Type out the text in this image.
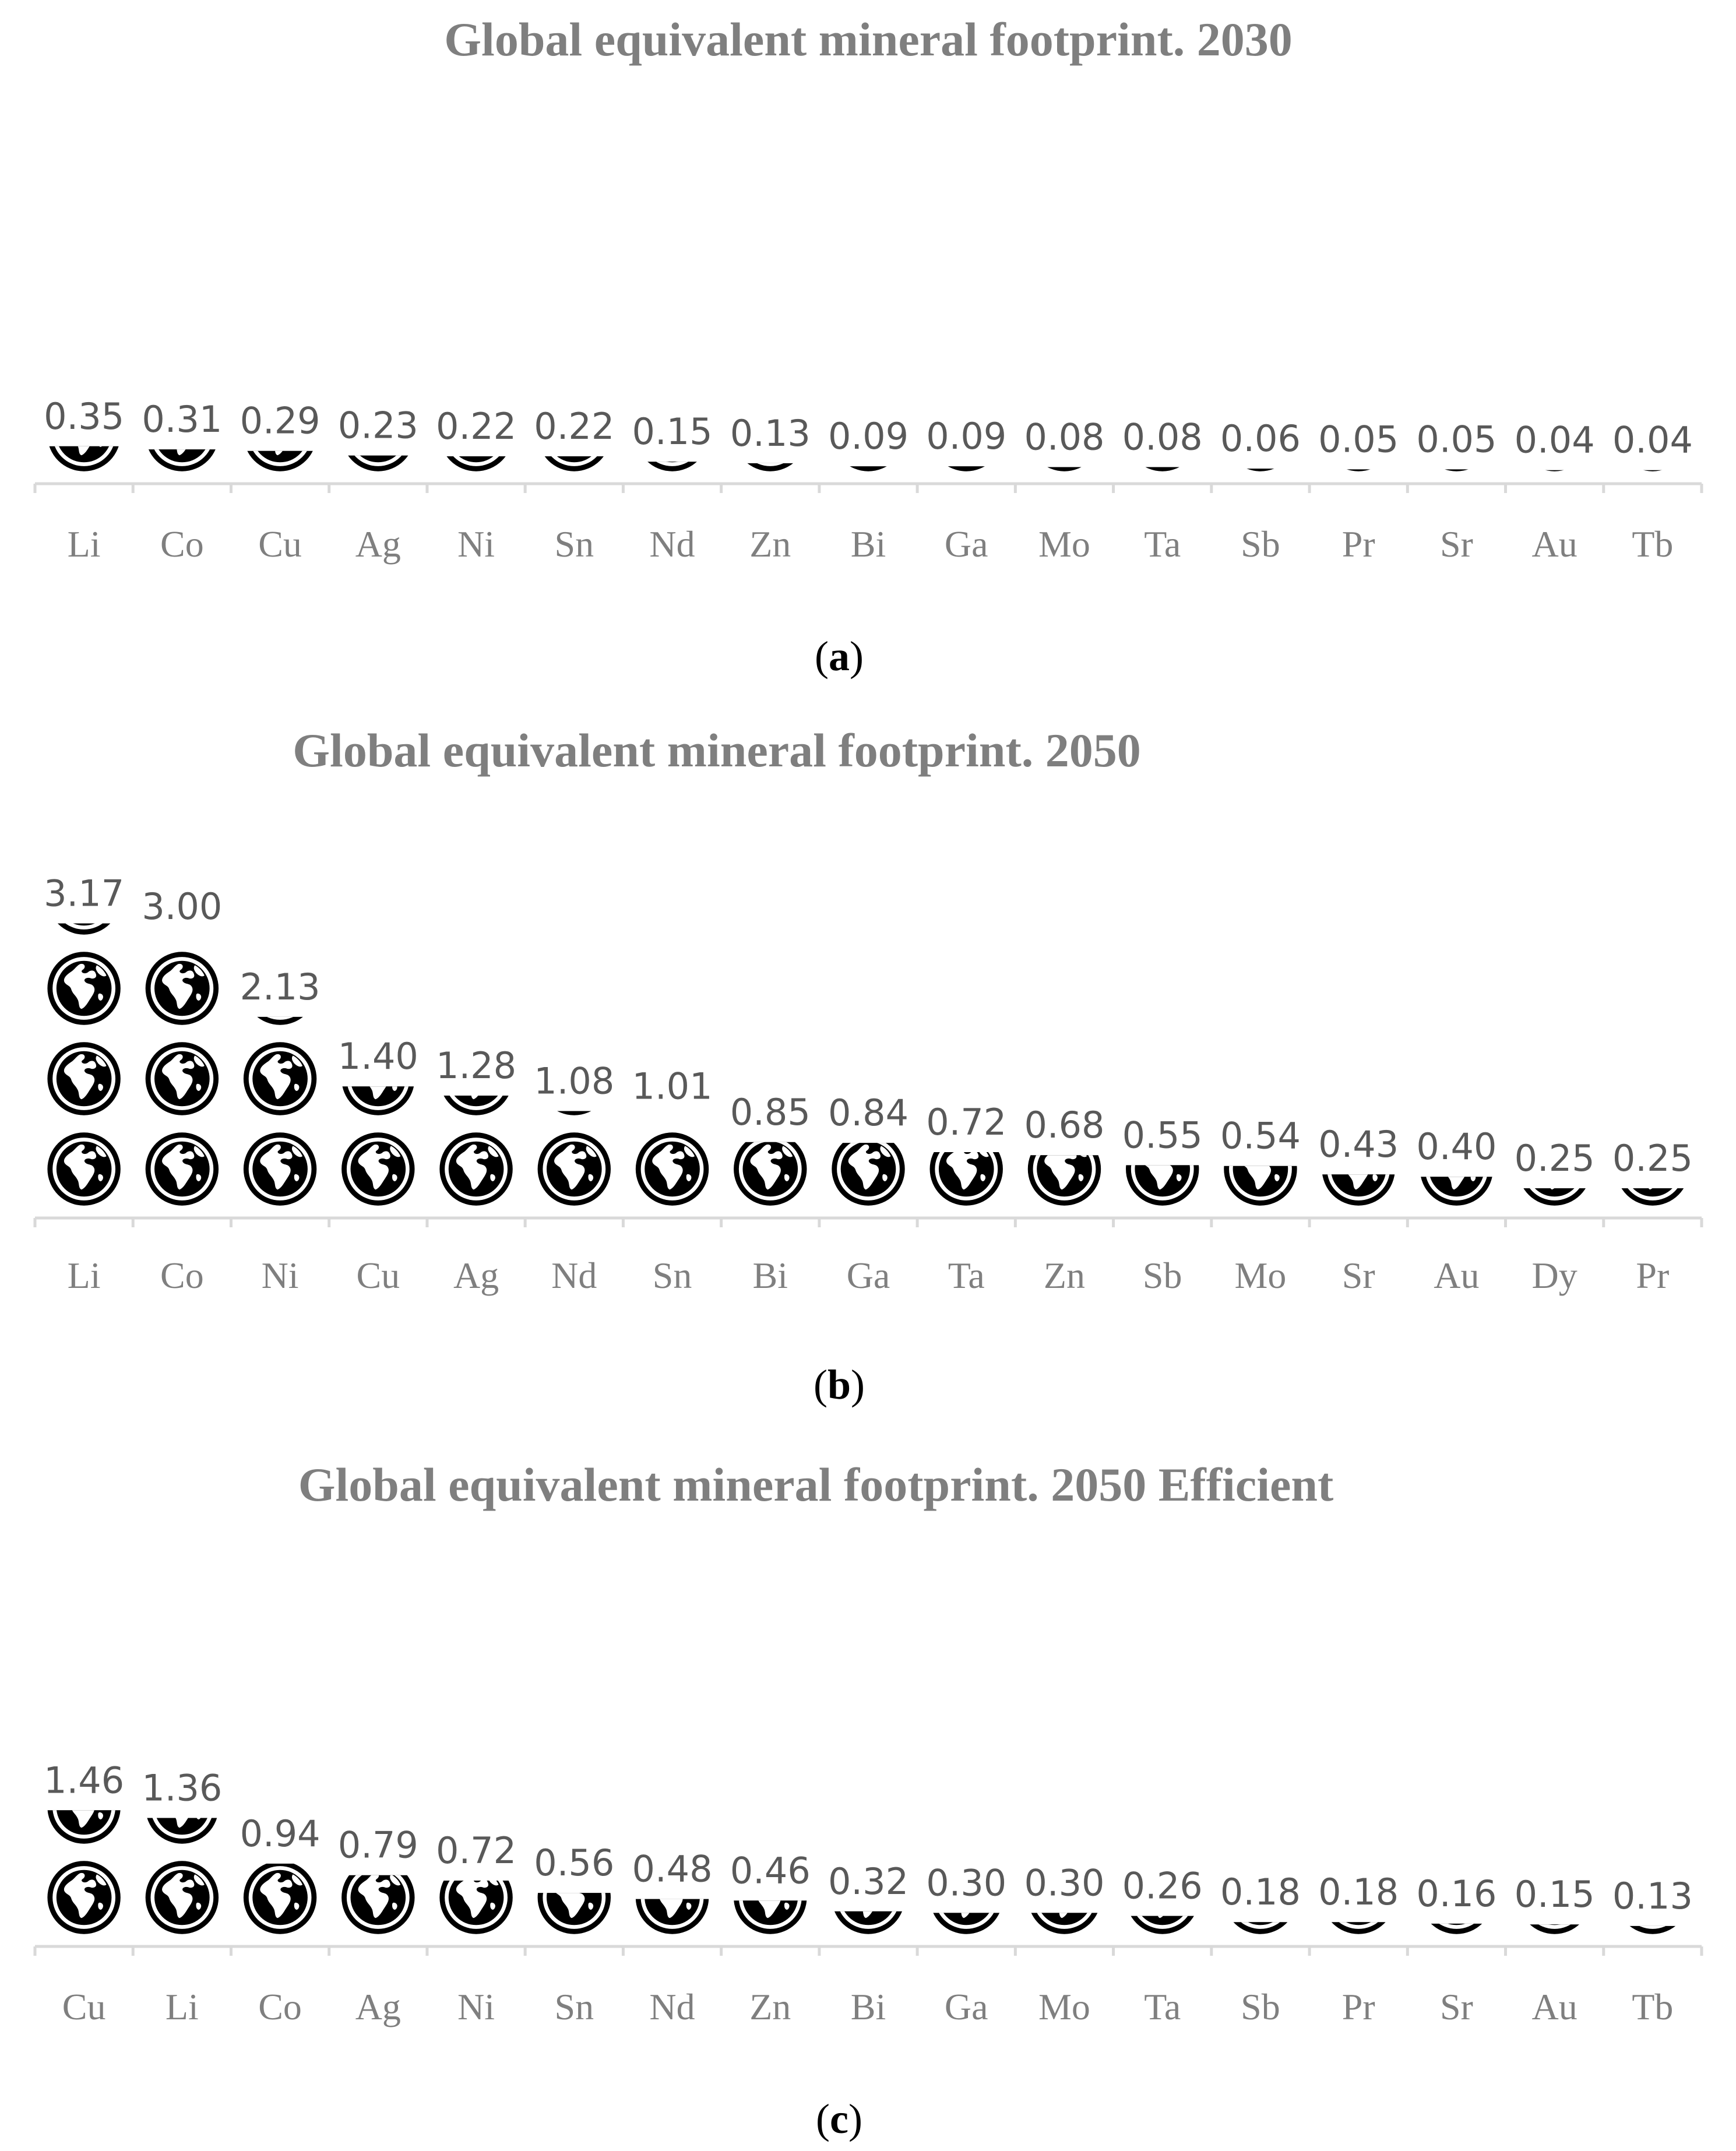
Global equivalent mineral footprint. 2030
Li
0.35
Co
0.31
Cu
0.29
Ag
0.23
Ni
0.22
Sn
0.22
Nd
0.15
Zn
0.13
Bi
0.09
Ga
0.09
Mo
0.08
Ta
0.08
Sb
0.06
Pr
0.05
Sr
0.05
Au
0.04
Tb
0.04
(a)
Global equivalent mineral footprint. 2050
Li
3.17
Co
3.00
Ni
2.13
Cu
1.40
Ag
1.28
Nd
1.08
Sn
1.01
Bi
0.85
Ga
0.84
Ta
0.72
Zn
0.68
Sb
0.55
Mo
0.54
Sr
0.43
Au
0.40
Dy
0.25
Pr
0.25
(b)
Global equivalent mineral footprint. 2050 Efficient
Cu
1.46
Li
1.36
Co
0.94
Ag
0.79
Ni
0.72
Sn
0.56
Nd
0.48
Zn
0.46
Bi
0.32
Ga
0.30
Mo
0.30
Ta
0.26
Sb
0.18
Pr
0.18
Sr
0.16
Au
0.15
Tb
0.13
(c)
